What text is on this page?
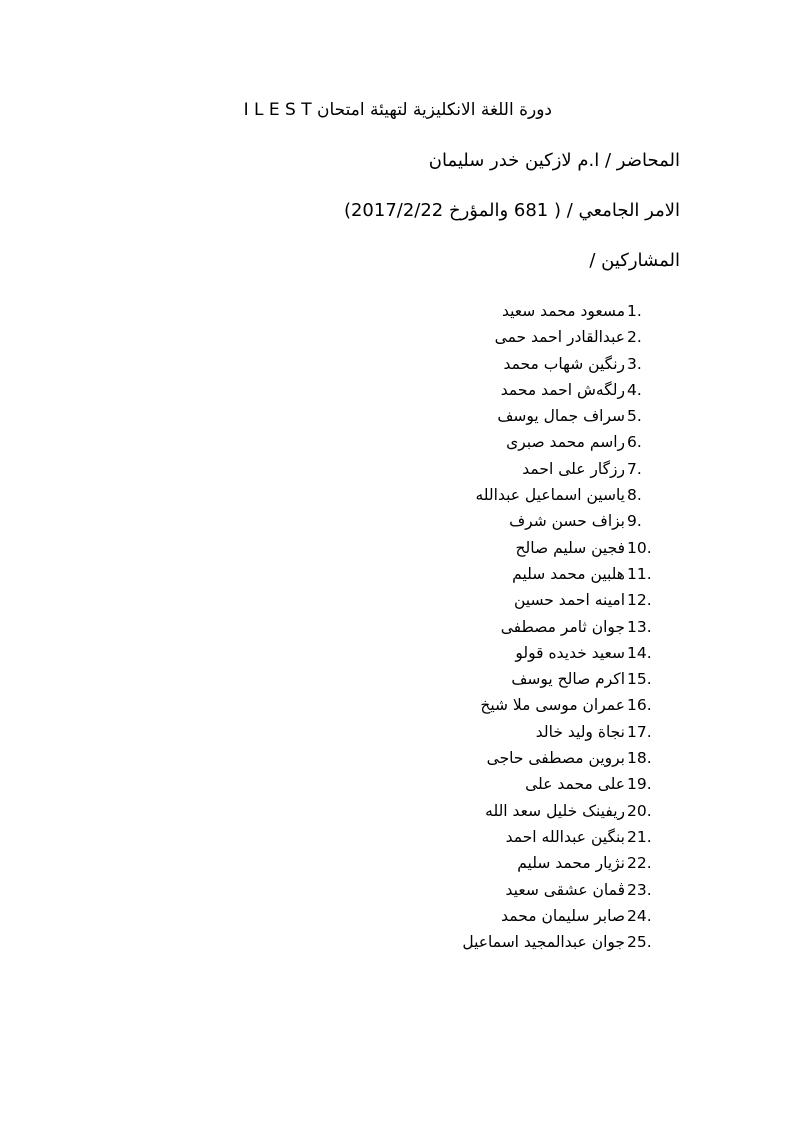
دورة اللغة الانكليزية لتهيئة امتحان I L E S T
المحاضر / ا.م لازكين خدر سليمان
الامر الجامعي / ( 681 والمؤرخ 2017/2/22)
المشاركين /
1.
مسعود محمد سعيد
2.
عبدالقادر احمد حمى
3.
رنگين شهاب محمد
4.
رلگەش احمد محمد
5.
سراف جمال يوسف
6.
راسم محمد صبری
7.
رزگار على احمد
8.
ياسين اسماعيل عبدالله
9.
بزاف حسن شرف
10.
فجين سليم صالح
11.
هلبين محمد سليم
12.
امينه احمد حسين
13.
جوان ثامر مصطفى
14.
سعيد خديده قولو
15.
اكرم صالح يوسف
16.
عمران موسى ملا شيخ
17.
نجاة وليد خالد
18.
بروين مصطفى حاجى
19.
على محمد على
20.
ريفينک خليل سعد الله
21.
بنگين عبدالله احمد
22.
نژيار محمد سليم
23.
ڤمان عشقى سعيد
24.
صابر سليمان محمد
25.
جوان عبدالمجيد اسماعيل
